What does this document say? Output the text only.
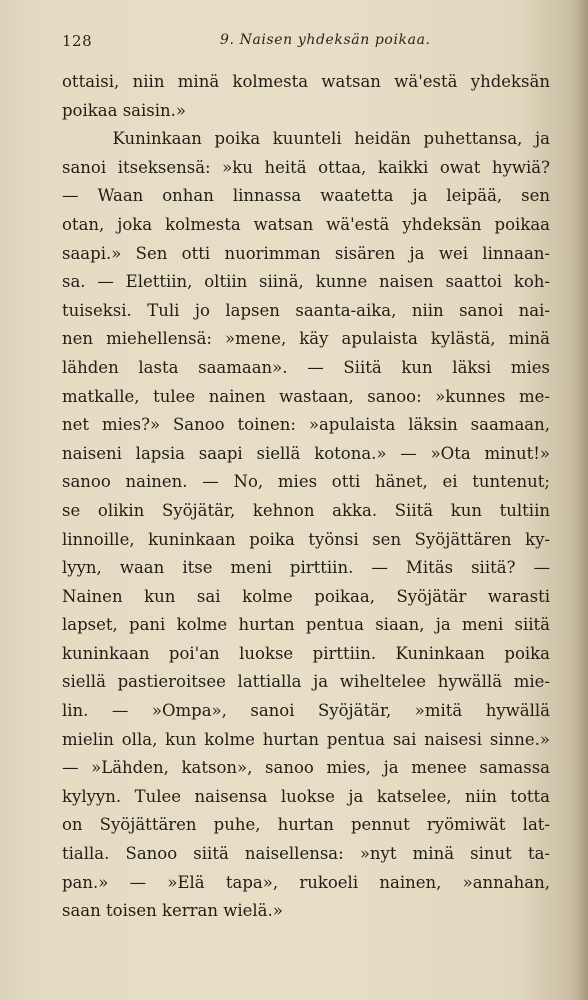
128	9. Naisen yhdeksän poikaa.
ottaisi, niin minä kolmesta watsan wä'estä yhdeksän
poikaa saisin.»
Kuninkaan poika kuunteli heidän puhettansa, ja
sanoi itseksensä: »ku heitä ottaa, kaikki owat hywiä?
— Waan onhan linnassa waatetta ja leipää, sen
otan, joka kolmesta watsan wä'estä yhdeksän poikaa
saapi.» Sen otti nuorimman sisären ja wei linnaan-
sa. — Elettiin, oltiin siinä, kunne naisen saattoi koh-
tuiseksi. Tuli jo lapsen saanta-aika, niin sanoi nai-
nen miehellensä: »mene, käy apulaista kylästä, minä
lähden lasta saamaan». — Siitä kun läksi mies
matkalle, tulee nainen wastaan, sanoo: »kunnes me-
net mies?» Sanoo toinen: »apulaista läksin saamaan,
naiseni lapsia saapi siellä kotona.» — »Ota minut!»
sanoo nainen. — No, mies otti hänet, ei tuntenut;
se olikin Syöjätär, kehnon akka. Siitä kun tultiin
linnoille, kuninkaan poika työnsi sen Syöjättären ky-
lyyn, waan itse meni pirttiin. — Mitäs siitä? —
Nainen kun sai kolme poikaa, Syöjätär warasti
lapset, pani kolme hurtan pentua siaan, ja meni siitä
kuninkaan poi'an luokse pirttiin. Kuninkaan poika
siellä pastieroitsee lattialla ja wiheltelee hywällä mie-
lin. — »Ompa», sanoi Syöjätär, »mitä hywällä
mielin olla, kun kolme hurtan pentua sai naisesi sinne.»
— »Lähden, katson», sanoo mies, ja menee samassa
kylyyn. Tulee naisensa luokse ja katselee, niin totta
on Syöjättären puhe, hurtan pennut ryömiwät lat-
tialla. Sanoo siitä naisellensa: »nyt minä sinut ta-
pan.» — »Elä tapa», rukoeli nainen, »annahan,
saan toisen kerran wielä.»
